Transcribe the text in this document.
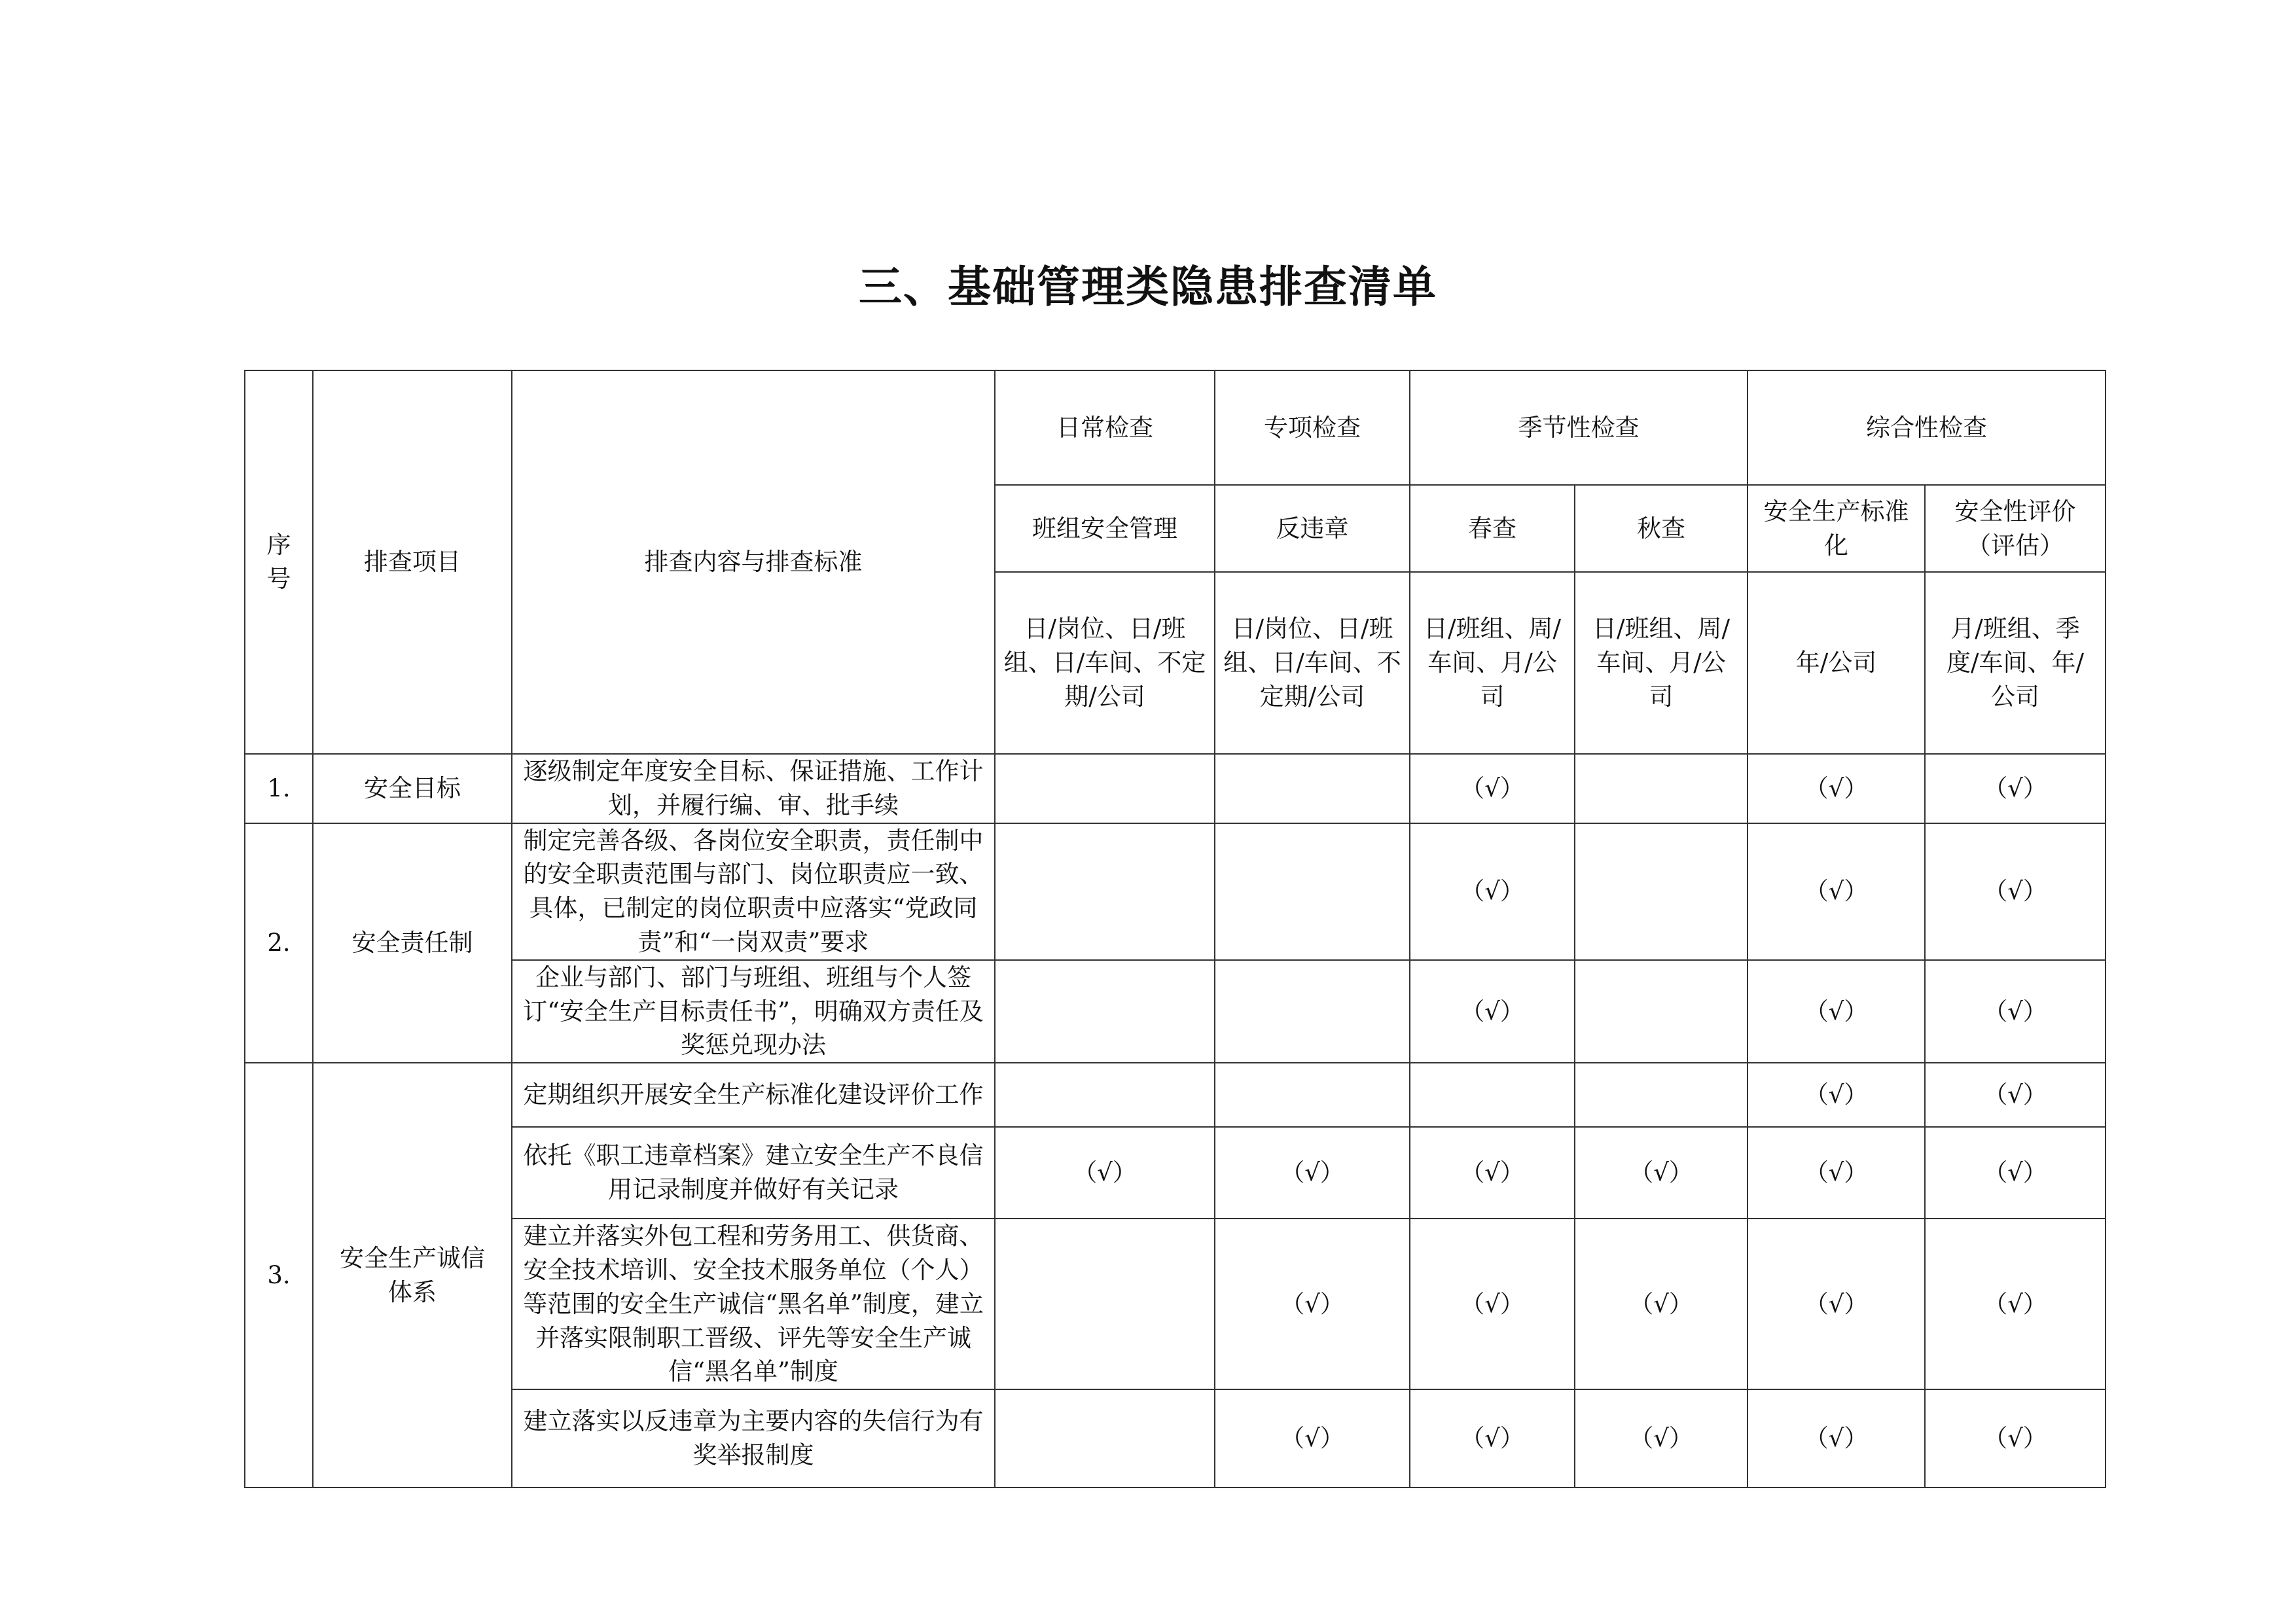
三、基础管理类隐患排查清单
序号	排查项目	排查内容与排查标准	日常检查	专项检查	季节性检查		综合性检查	
			班组安全管理	反违章	春查	秋查	安全生产标准化	安全性评价（评估）
			日/岗位、日/班组、日/车间、不定期/公司	日/岗位、日/班组、日/车间、不定期/公司	日/班组、周/车间、月/公司	日/班组、周/车间、月/公司	年/公司	月/班组、季度/车间、年/公司
1.	安全目标	逐级制定年度安全目标、保证措施、工作计划，并履行编、审、批手续			（√）		（√）	（√）
2.	安全责任制	制定完善各级、各岗位安全职责，责任制中的安全职责范围与部门、岗位职责应一致、具体，已制定的岗位职责中应落实“党政同责”和“一岗双责”要求			（√）		（√）	（√）
		企业与部门、部门与班组、班组与个人签订“安全生产目标责任书”，明确双方责任及奖惩兑现办法			（√）		（√）	（√）
3.	安全生产诚信体系	定期组织开展安全生产标准化建设评价工作					（√）	（√）
		依托《职工违章档案》建立安全生产不良信用记录制度并做好有关记录	（√）	（√）	（√）	（√）	（√）	（√）
		建立并落实外包工程和劳务用工、供货商、安全技术培训、安全技术服务单位（个人）等范围的安全生产诚信“黑名单”制度，建立并落实限制职工晋级、评先等安全生产诚信“黑名单”制度		（√）	（√）	（√）	（√）	（√）
		建立落实以反违章为主要内容的失信行为有奖举报制度		（√）	（√）	（√）	（√）	（√）
